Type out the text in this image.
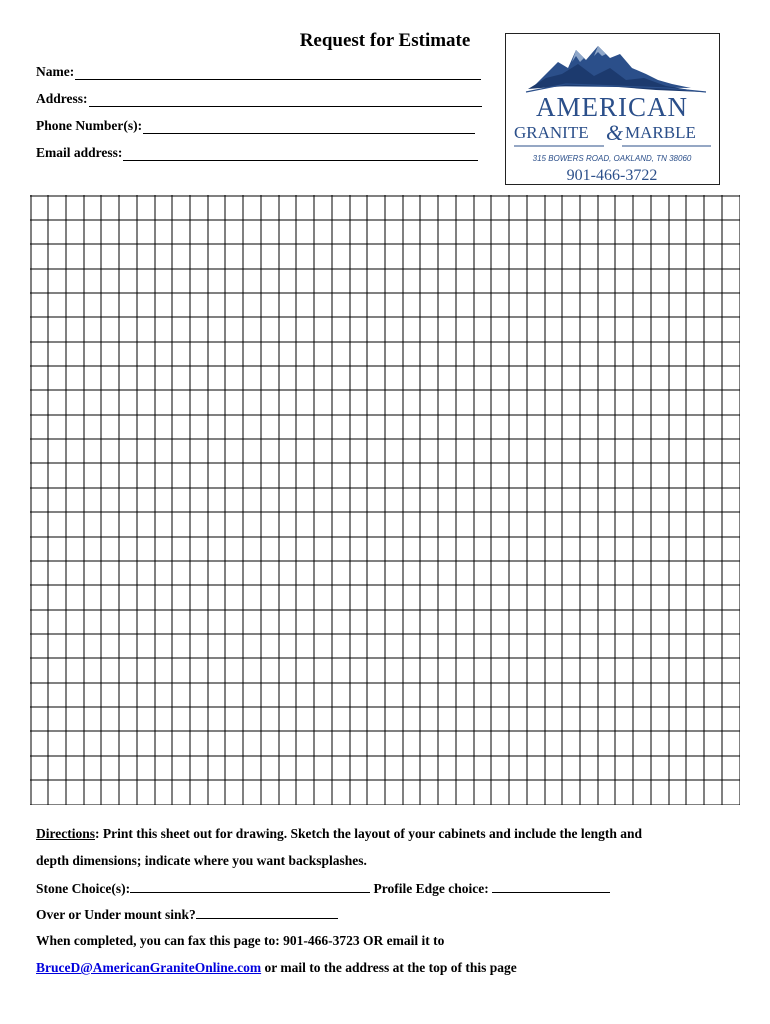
Request for Estimate
Name:
Address:
Phone Number(s):
Email address:
AMERICAN
GRANITE & MARBLE
315 BOWERS ROAD, OAKLAND, TN 38060
901-466-3722
Directions: Print this sheet out for drawing. Sketch the layout of your cabinets and include the length and
depth dimensions; indicate where you want backsplashes.
Stone Choice(s):	Profile Edge choice:
Over or Under mount sink?
When completed, you can fax this page to: 901-466-3723 OR email it to
BruceD@AmericanGraniteOnline.com or mail to the address at the top of this page
